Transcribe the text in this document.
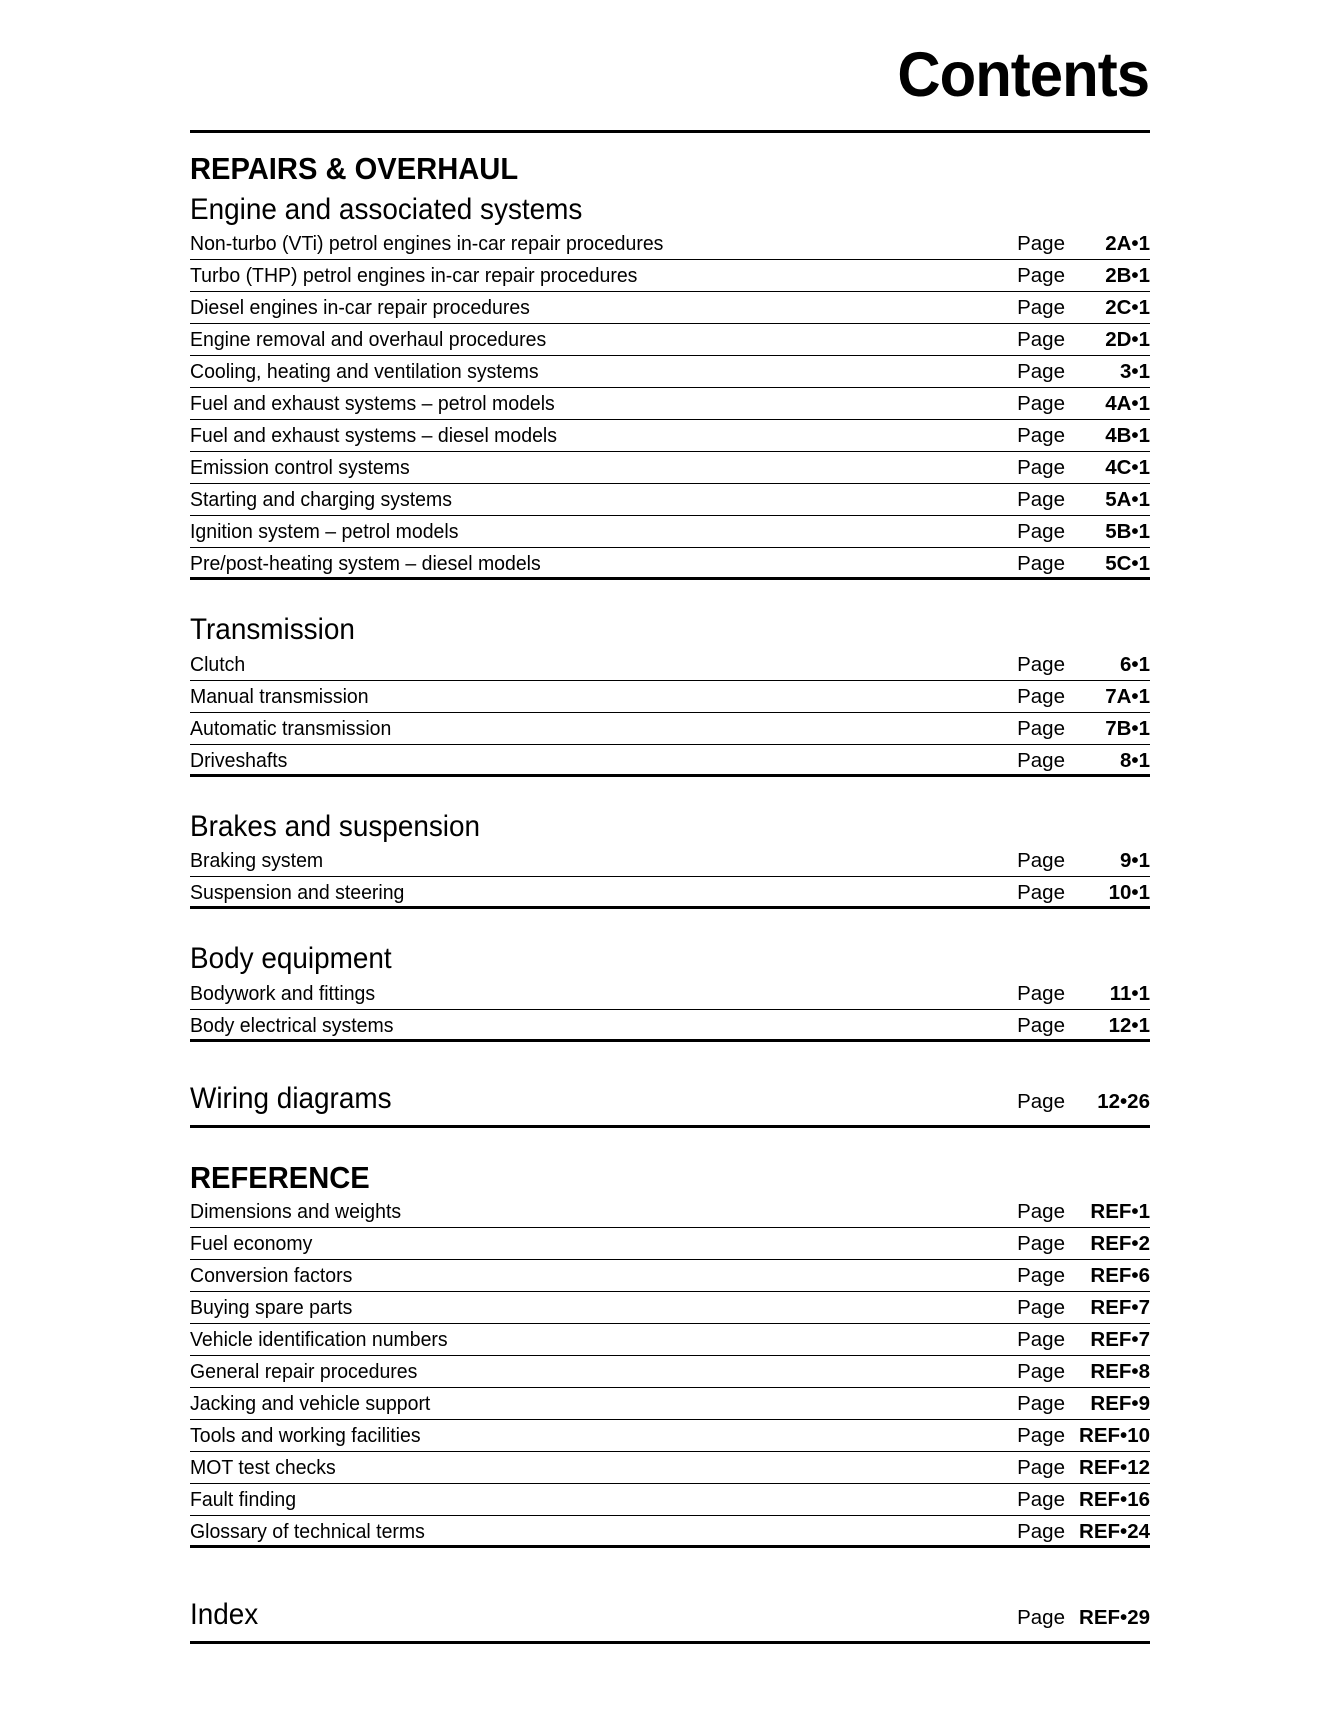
Contents
REPAIRS & OVERHAUL
Engine and associated systems
Non-turbo (VTi) petrol engines in-car repair procedures	Page	2A•1
Turbo (THP) petrol engines in-car repair procedures	Page	2B•1
Diesel engines in-car repair procedures	Page	2C•1
Engine removal and overhaul procedures	Page	2D•1
Cooling, heating and ventilation systems	Page	3•1
Fuel and exhaust systems – petrol models	Page	4A•1
Fuel and exhaust systems – diesel models	Page	4B•1
Emission control systems	Page	4C•1
Starting and charging systems	Page	5A•1
Ignition system – petrol models	Page	5B•1
Pre/post-heating system – diesel models	Page	5C•1
Transmission
Clutch	Page	6•1
Manual transmission	Page	7A•1
Automatic transmission	Page	7B•1
Driveshafts	Page	8•1
Brakes and suspension
Braking system	Page	9•1
Suspension and steering	Page	10•1
Body equipment
Bodywork and fittings	Page	11•1
Body electrical systems	Page	12•1
Wiring diagrams	Page	12•26
REFERENCE
Dimensions and weights	Page	REF•1
Fuel economy	Page	REF•2
Conversion factors	Page	REF•6
Buying spare parts	Page	REF•7
Vehicle identification numbers	Page	REF•7
General repair procedures	Page	REF•8
Jacking and vehicle support	Page	REF•9
Tools and working facilities	Page REF•10
MOT test checks	Page REF•12
Fault finding	Page REF•16
Glossary of technical terms	Page REF•24
Index	Page REF•29
